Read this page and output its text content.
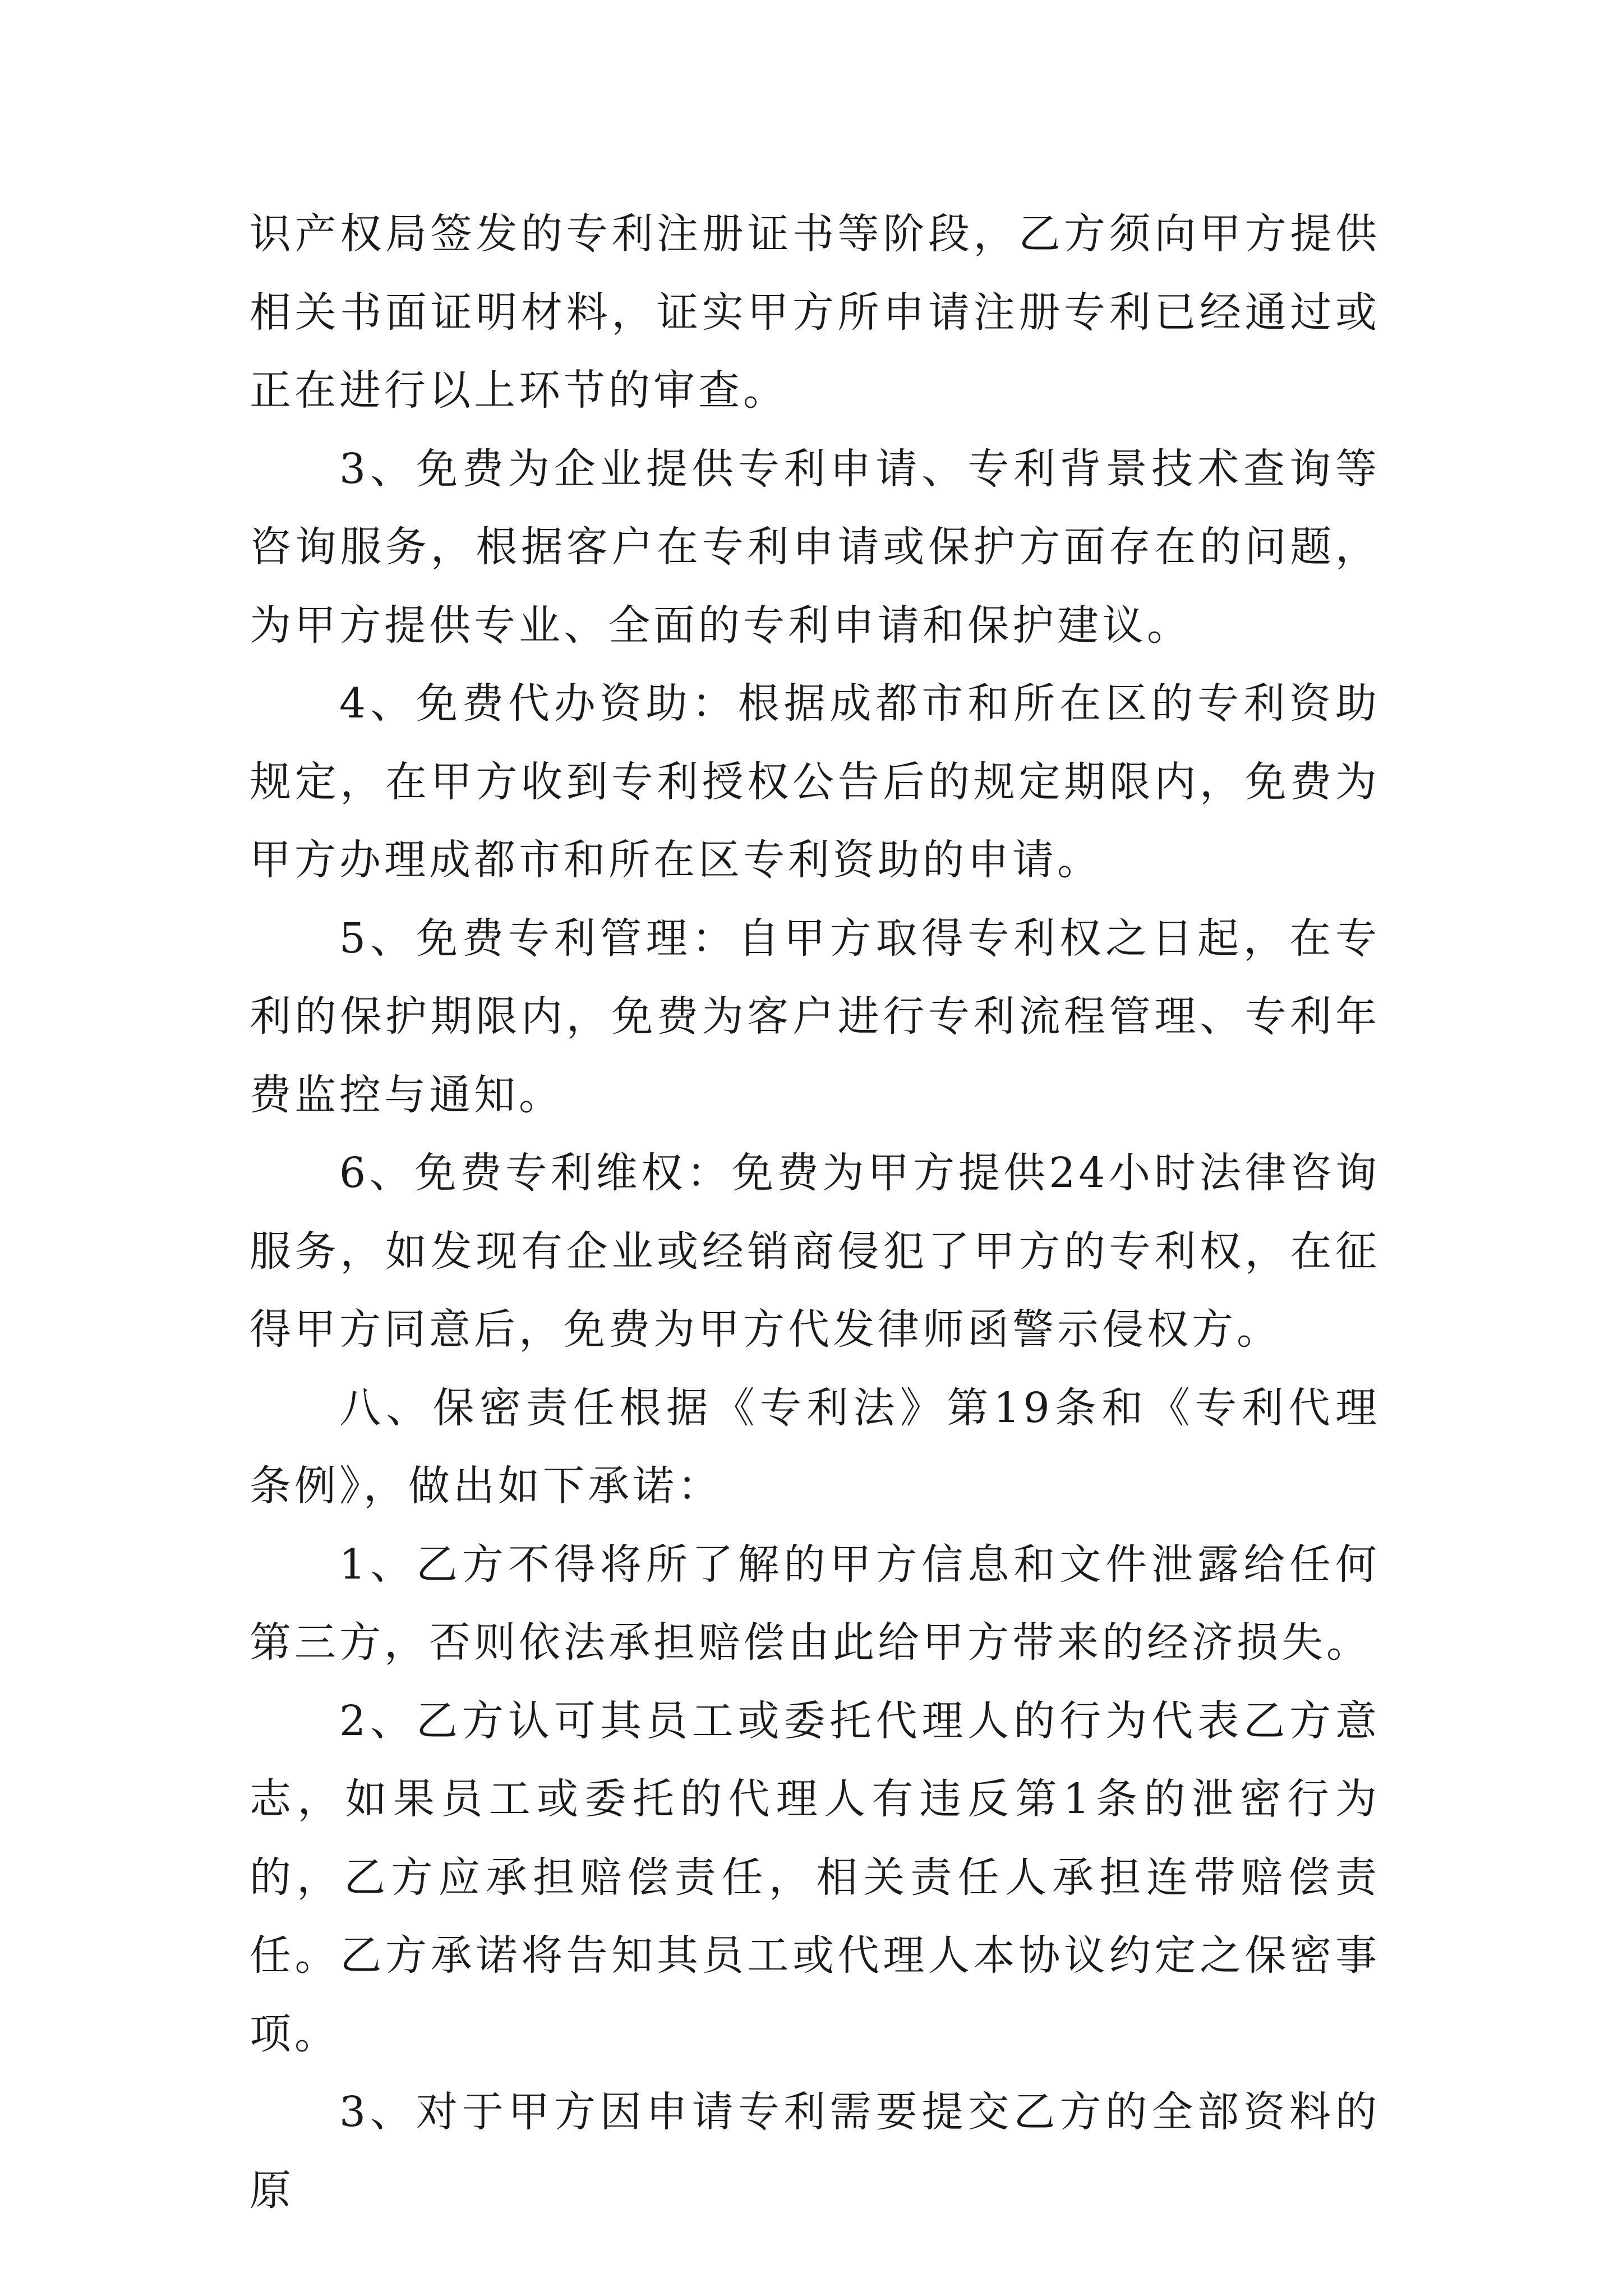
识产权局签发的专利注册证书等阶段，乙方须向甲方提供相关书面证明材料，证实甲方所申请注册专利已经通过或正在进行以上环节的审查。

3、免费为企业提供专利申请、专利背景技术查询等咨询服务，根据客户在专利申请或保护方面存在的问题，为甲方提供专业、全面的专利申请和保护建议。

4、免费代办资助：根据成都市和所在区的专利资助规定，在甲方收到专利授权公告后的规定期限内，免费为甲方办理成都市和所在区专利资助的申请。

5、免费专利管理：自甲方取得专利权之日起，在专利的保护期限内，免费为客户进行专利流程管理、专利年费监控与通知。

6、免费专利维权：免费为甲方提供24小时法律咨询服务，如发现有企业或经销商侵犯了甲方的专利权，在征得甲方同意后，免费为甲方代发律师函警示侵权方。

八、保密责任根据《专利法》第19条和《专利代理条例》，做出如下承诺：

1、乙方不得将所了解的甲方信息和文件泄露给任何第三方，否则依法承担赔偿由此给甲方带来的经济损失。

2、乙方认可其员工或委托代理人的行为代表乙方意志，如果员工或委托的代理人有违反第1条的泄密行为的，乙方应承担赔偿责任，相关责任人承担连带赔偿责任。乙方承诺将告知其员工或代理人本协议约定之保密事项。

3、对于甲方因申请专利需要提交乙方的全部资料的原
